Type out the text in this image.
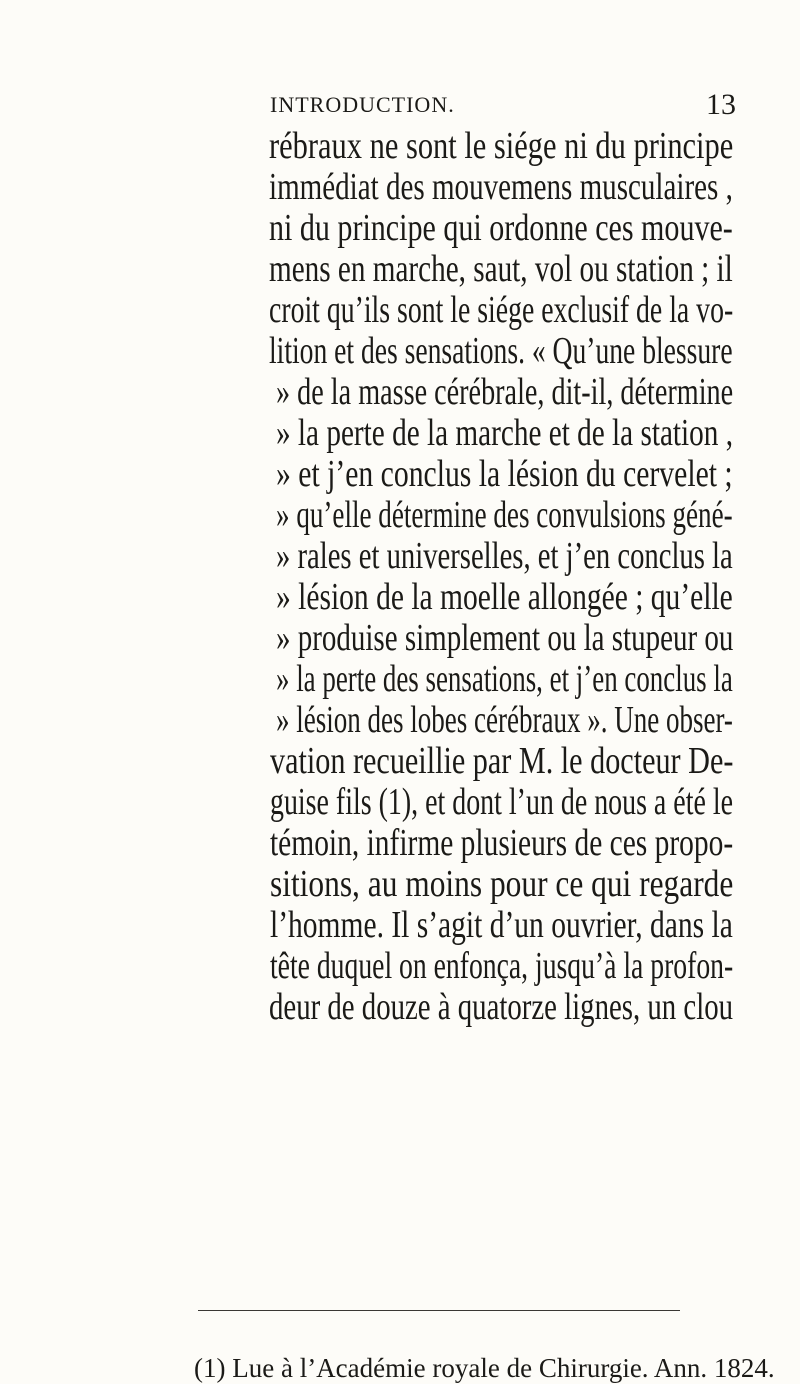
INTRODUCTION.	13
rébraux ne sont le siége ni du principe
immédiat des mouvemens musculaires ,
ni du principe qui ordonne ces mouve-
mens en marche, saut, vol ou station ; il
croit qu’ils sont le siége exclusif de la vo-
lition et des sensations. « Qu’une blessure
» de la masse cérébrale, dit-il, détermine
» la perte de la marche et de la station ,
» et j’en conclus la lésion du cervelet ;
» qu’elle détermine des convulsions géné-
» rales et universelles, et j’en conclus la
» lésion de la moelle allongée ; qu’elle
» produise simplement ou la stupeur ou
» la perte des sensations, et j’en conclus la
» lésion des lobes cérébraux ». Une obser-
vation recueillie par M. le docteur De-
guise fils (1), et dont l’un de nous a été le
témoin, infirme plusieurs de ces propo-
sitions, au moins pour ce qui regarde
l’homme. Il s’agit d’un ouvrier, dans la
tête duquel on enfonça, jusqu’à la profon-
deur de douze à quatorze lignes, un clou
(1) Lue à l’Académie royale de Chirurgie. Ann. 1824.
